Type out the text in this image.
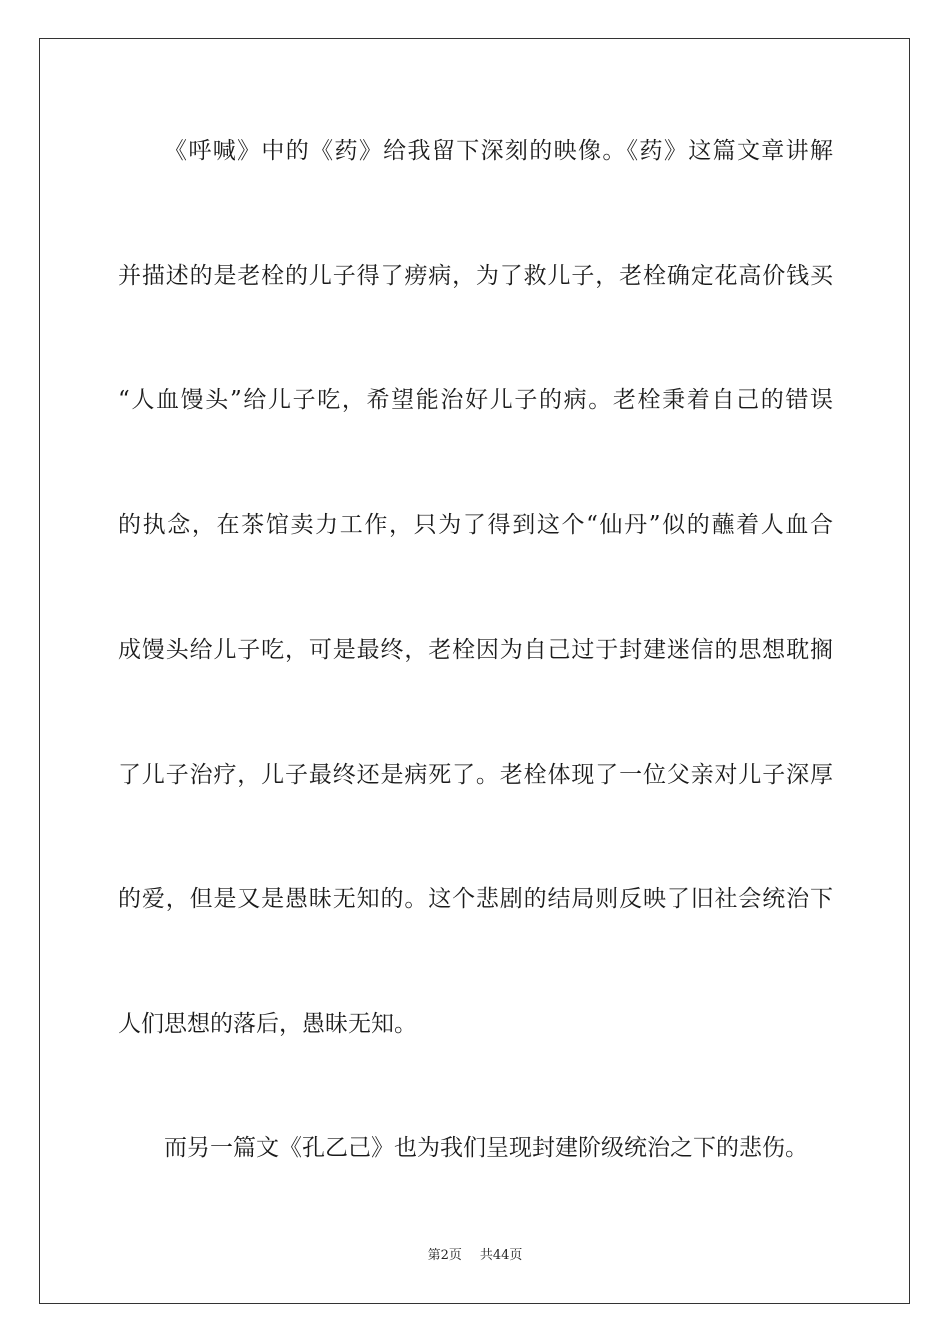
《呼喊》中的《药》给我留下深刻的映像。《药》这篇文章讲解
并描述的是老栓的儿子得了痨病，为了救儿子，老栓确定花高价钱买
“人血馒头”给儿子吃，希望能治好儿子的病。老栓秉着自己的错误
的执念，在茶馆卖力工作，只为了得到这个“仙丹”似的蘸着人血合
成馒头给儿子吃，可是最终，老栓因为自己过于封建迷信的思想耽搁
了儿子治疗，儿子最终还是病死了。老栓体现了一位父亲对儿子深厚
的爱，但是又是愚昧无知的。这个悲剧的结局则反映了旧社会统治下
人们思想的落后，愚昧无知。
而另一篇文《孔乙己》也为我们呈现封建阶级统治之下的悲伤。
第2页 共44页
